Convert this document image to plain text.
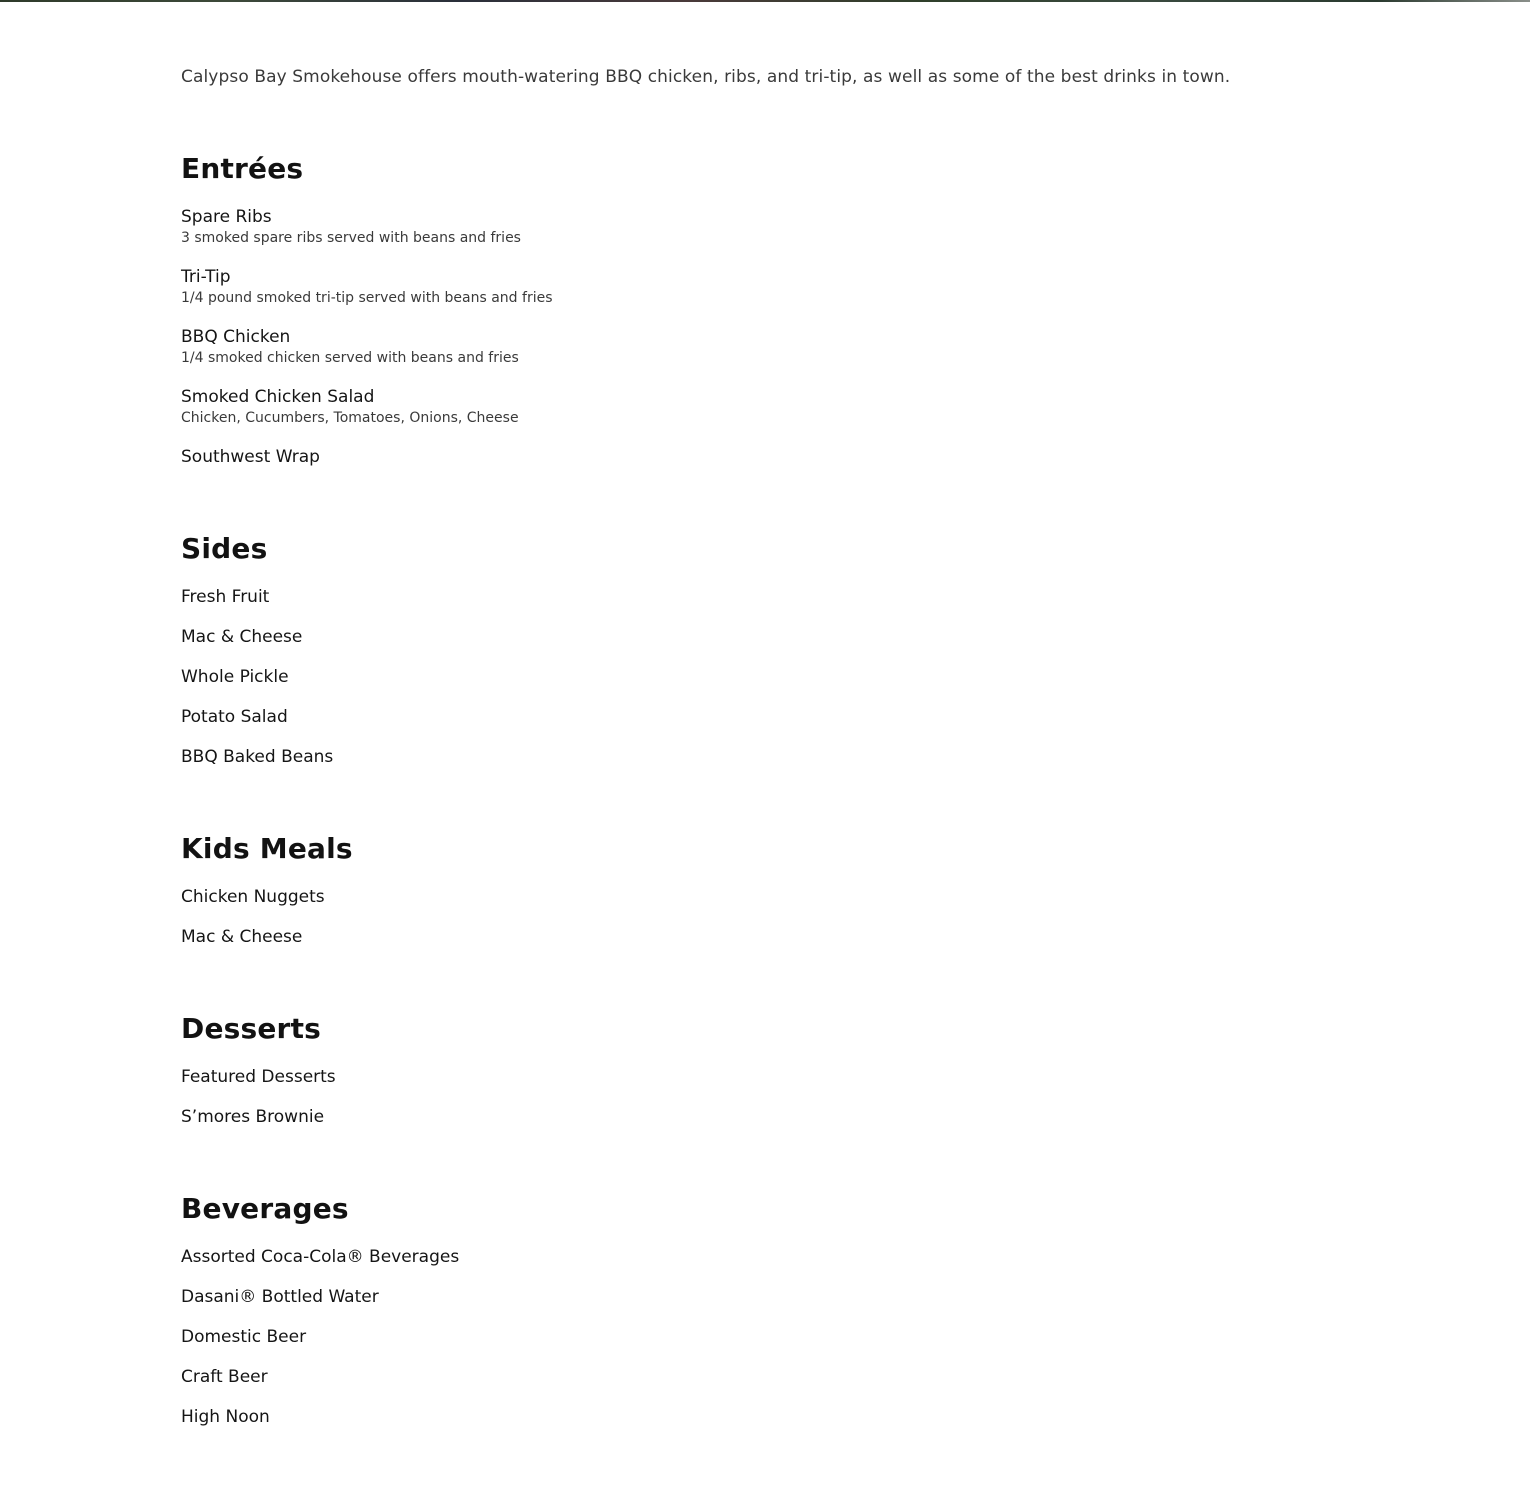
Calypso Bay Smokehouse offers mouth-watering BBQ chicken, ribs, and tri-tip, as well as some of the best drinks in town.

Entrées
Spare Ribs
3 smoked spare ribs served with beans and fries
Tri-Tip
1/4 pound smoked tri-tip served with beans and fries
BBQ Chicken
1/4 smoked chicken served with beans and fries
Smoked Chicken Salad
Chicken, Cucumbers, Tomatoes, Onions, Cheese
Southwest Wrap
Sides
Fresh Fruit
Mac & Cheese
Whole Pickle
Potato Salad
BBQ Baked Beans
Kids Meals
Chicken Nuggets
Mac & Cheese
Desserts
Featured Desserts
S’mores Brownie
Beverages
Assorted Coca-Cola® Beverages
Dasani® Bottled Water
Domestic Beer
Craft Beer
High Noon
